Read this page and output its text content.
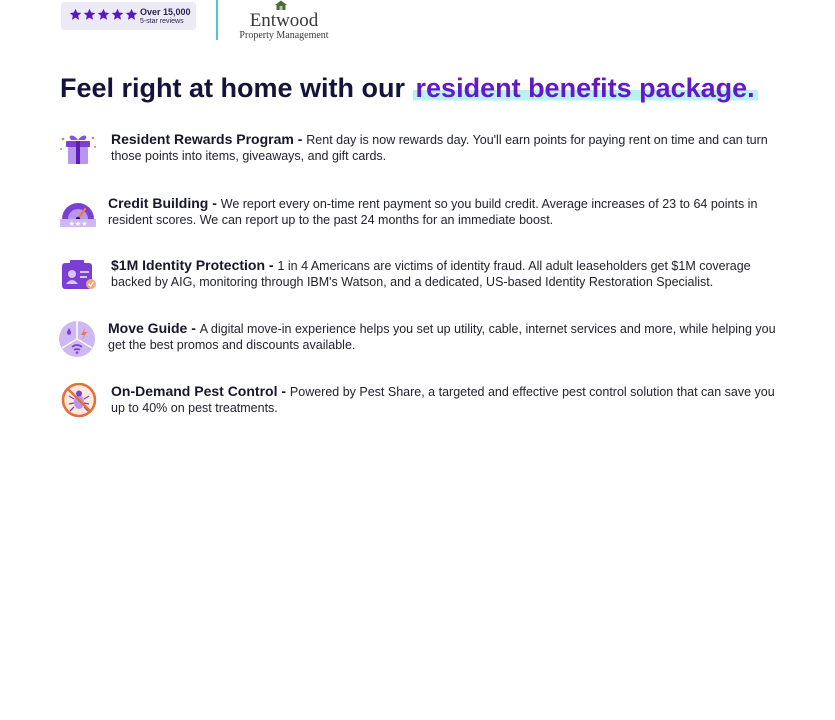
Over 15,000
5-star reviews	Entwood
Property Management
Feel right at home with our resident benefits package.
Resident Rewards Program - Rent day is now rewards day. You'll earn points for paying rent on time and can turn those points into items, giveaways, and gift cards.
★★★
Credit Building - We report every on-time rent payment so you build credit. Average increases of 23 to 64 points in resident scores. We can report up to the past 24 months for an immediate boost.
$1M Identity Protection - 1 in 4 Americans are victims of identity fraud. All adult leaseholders get $1M coverage backed by AIG, monitoring through IBM's Watson, and a dedicated, US-based Identity Restoration Specialist.
Move Guide - A digital move-in experience helps you set up utility, cable, internet services and more, while helping you get the best promos and discounts available.
On-Demand Pest Control - Powered by Pest Share, a targeted and effective pest control solution that can save you up to 40% on pest treatments.
